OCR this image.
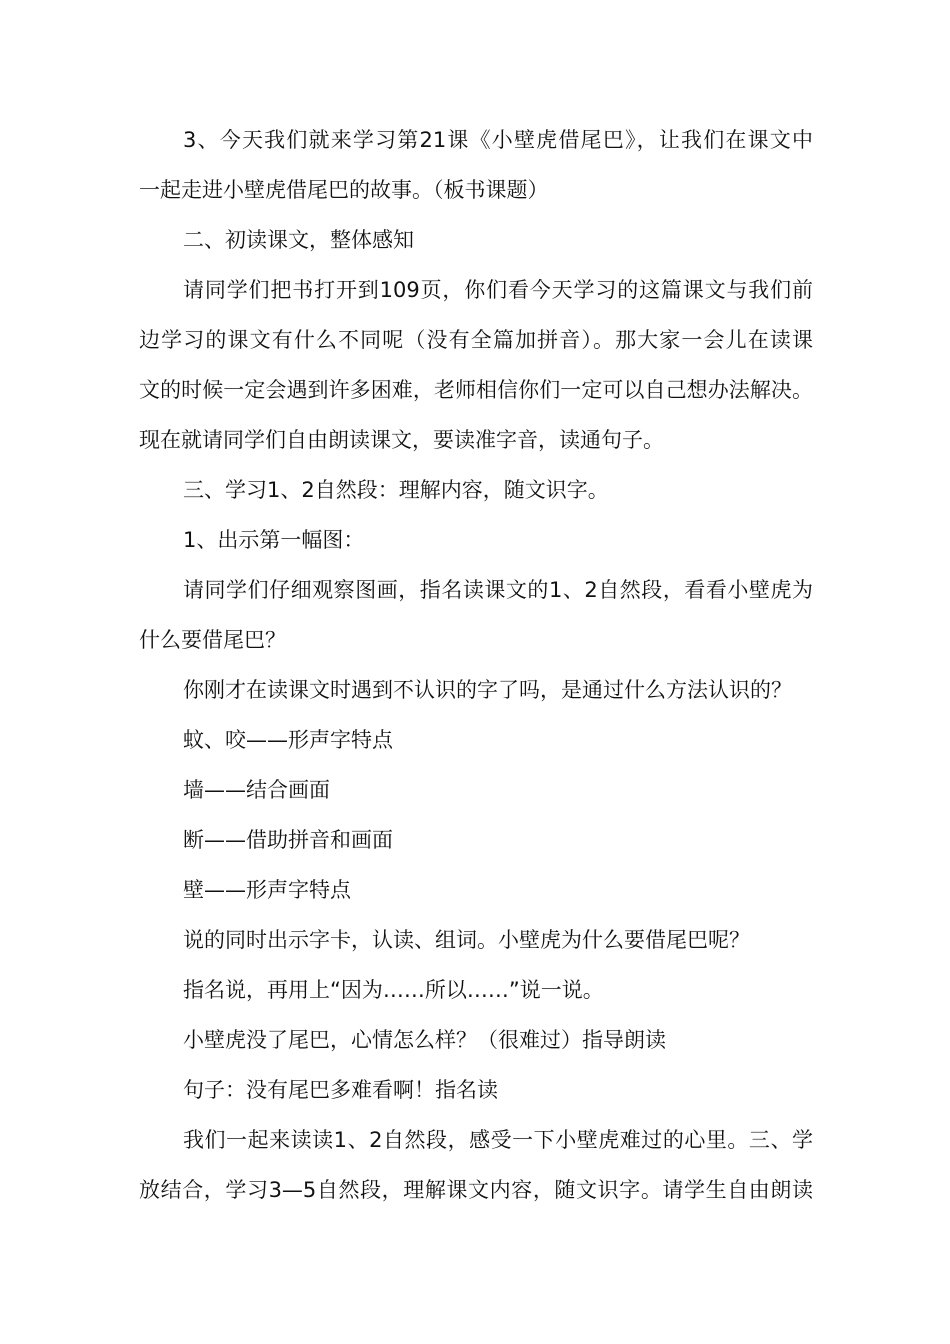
3、今天我们就来学习第21课《小壁虎借尾巴》，让我们在课文中

一起走进小壁虎借尾巴的故事。（板书课题）

二、初读课文，整体感知

请同学们把书打开到109页，你们看今天学习的这篇课文与我们前

边学习的课文有什么不同呢（没有全篇加拼音）。那大家一会儿在读课

文的时候一定会遇到许多困难，老师相信你们一定可以自己想办法解决。

现在就请同学们自由朗读课文，要读准字音，读通句子。

三、学习1、2自然段：理解内容，随文识字。

1、出示第一幅图：

请同学们仔细观察图画，指名读课文的1、2自然段，看看小壁虎为

什么要借尾巴？

你刚才在读课文时遇到不认识的字了吗，是通过什么方法认识的？

蚊、咬——形声字特点

墙——结合画面

断——借助拼音和画面

壁——形声字特点

说的同时出示字卡，认读、组词。小壁虎为什么要借尾巴呢？

指名说，再用上“因为……所以……”说一说。

小壁虎没了尾巴，心情怎么样？（很难过）指导朗读

句子：没有尾巴多难看啊！指名读

我们一起来读读1、2自然段，感受一下小壁虎难过的心里。三、学

放结合，学习3—5自然段，理解课文内容，随文识字。请学生自由朗读
